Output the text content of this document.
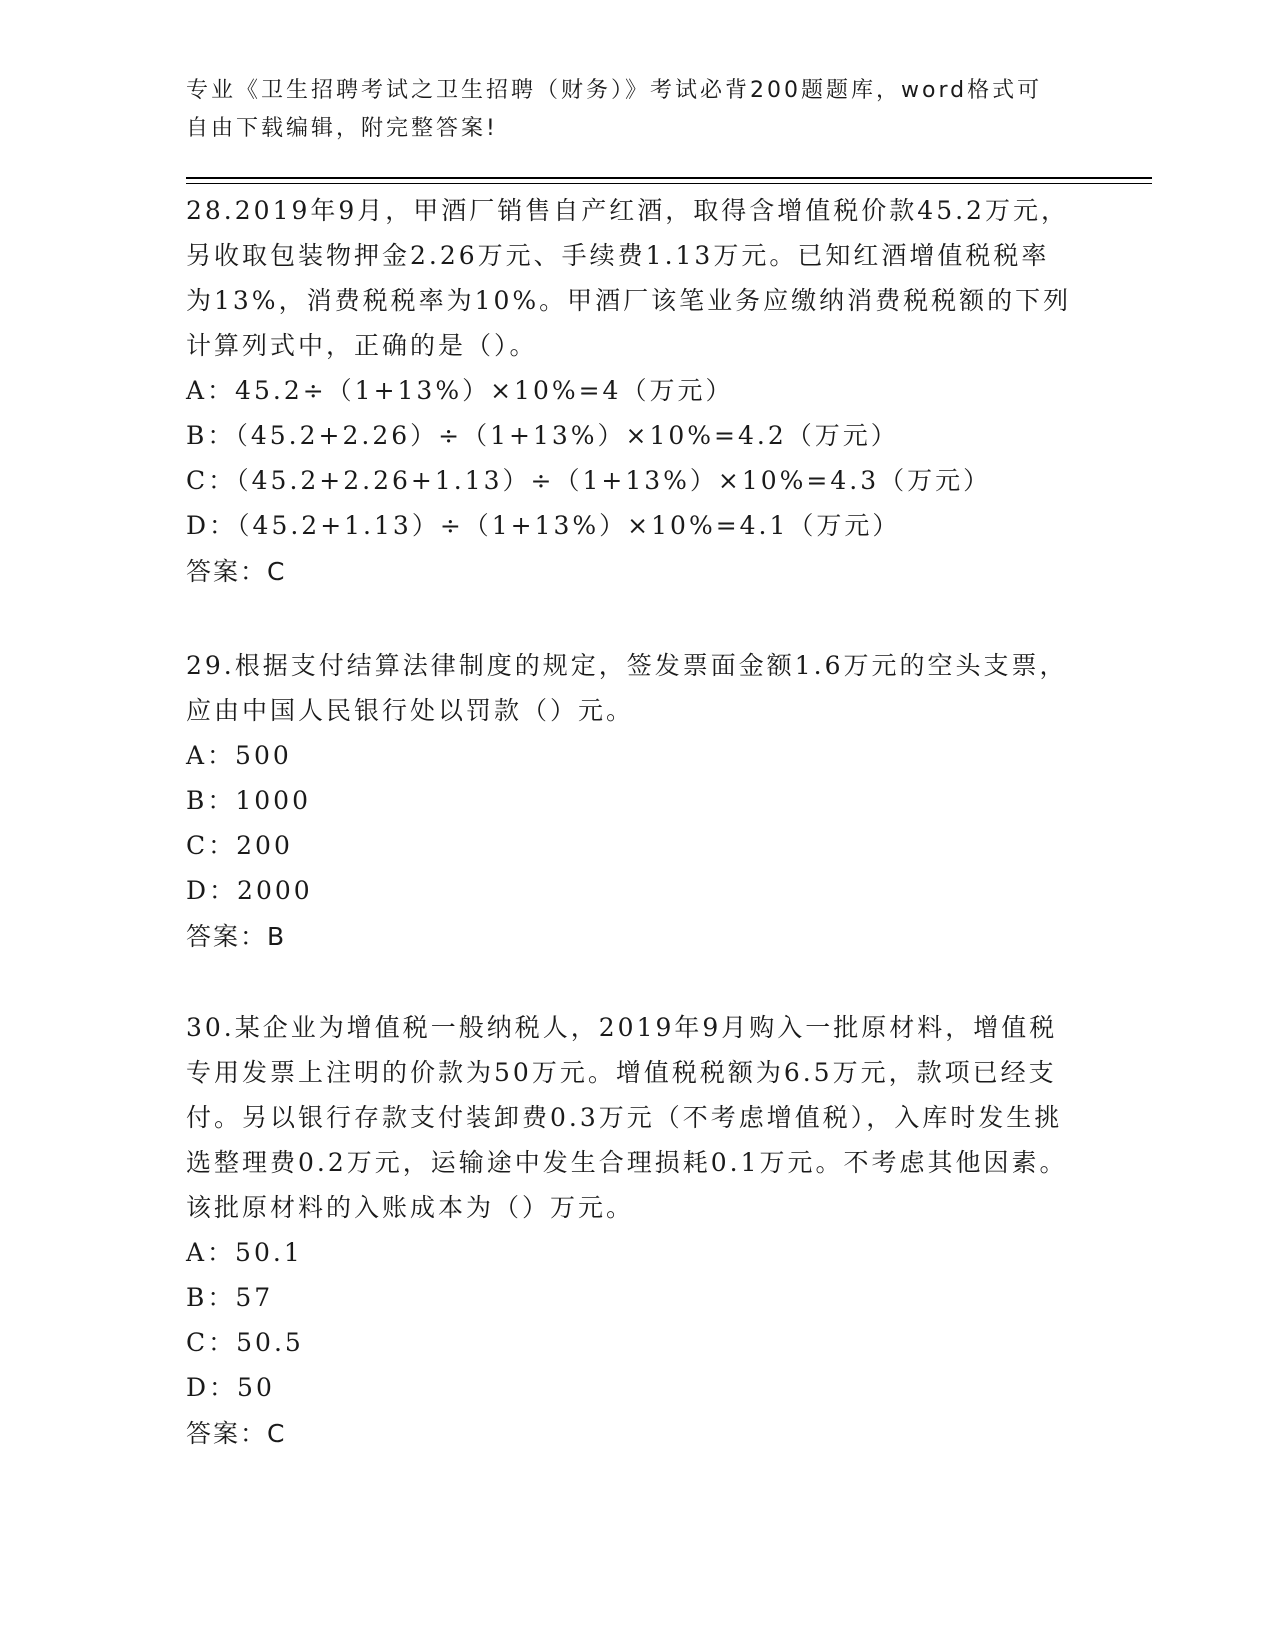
专业《卫生招聘考试之卫生招聘（财务）》考试必背200题题库，word格式可自由下载编辑，附完整答案!

28.2019年9月，甲酒厂销售自产红酒，取得含增值税价款45.2万元，另收取包装物押金2.26万元、手续费1.13万元。已知红酒增值税税率为13%，消费税税率为10%。甲酒厂该笔业务应缴纳消费税税额的下列计算列式中，正确的是（）。

A：45.2÷（1+13%）×10%=4（万元）

B：（45.2+2.26）÷（1+13%）×10%=4.2（万元）

C：（45.2+2.26+1.13）÷（1+13%）×10%=4.3（万元）

D：（45.2+1.13）÷（1+13%）×10%=4.1（万元）

答案：C

29.根据支付结算法律制度的规定，签发票面金额1.6万元的空头支票，应由中国人民银行处以罚款（）元。

A：500

B：1000

C：200

D：2000

答案：B

30.某企业为增值税一般纳税人，2019年9月购入一批原材料，增值税专用发票上注明的价款为50万元。增值税税额为6.5万元，款项已经支付。另以银行存款支付装卸费0.3万元（不考虑增值税），入库时发生挑选整理费0.2万元，运输途中发生合理损耗0.1万元。不考虑其他因素。该批原材料的入账成本为（）万元。

A：50.1

B：57

C：50.5

D：50

答案：C
